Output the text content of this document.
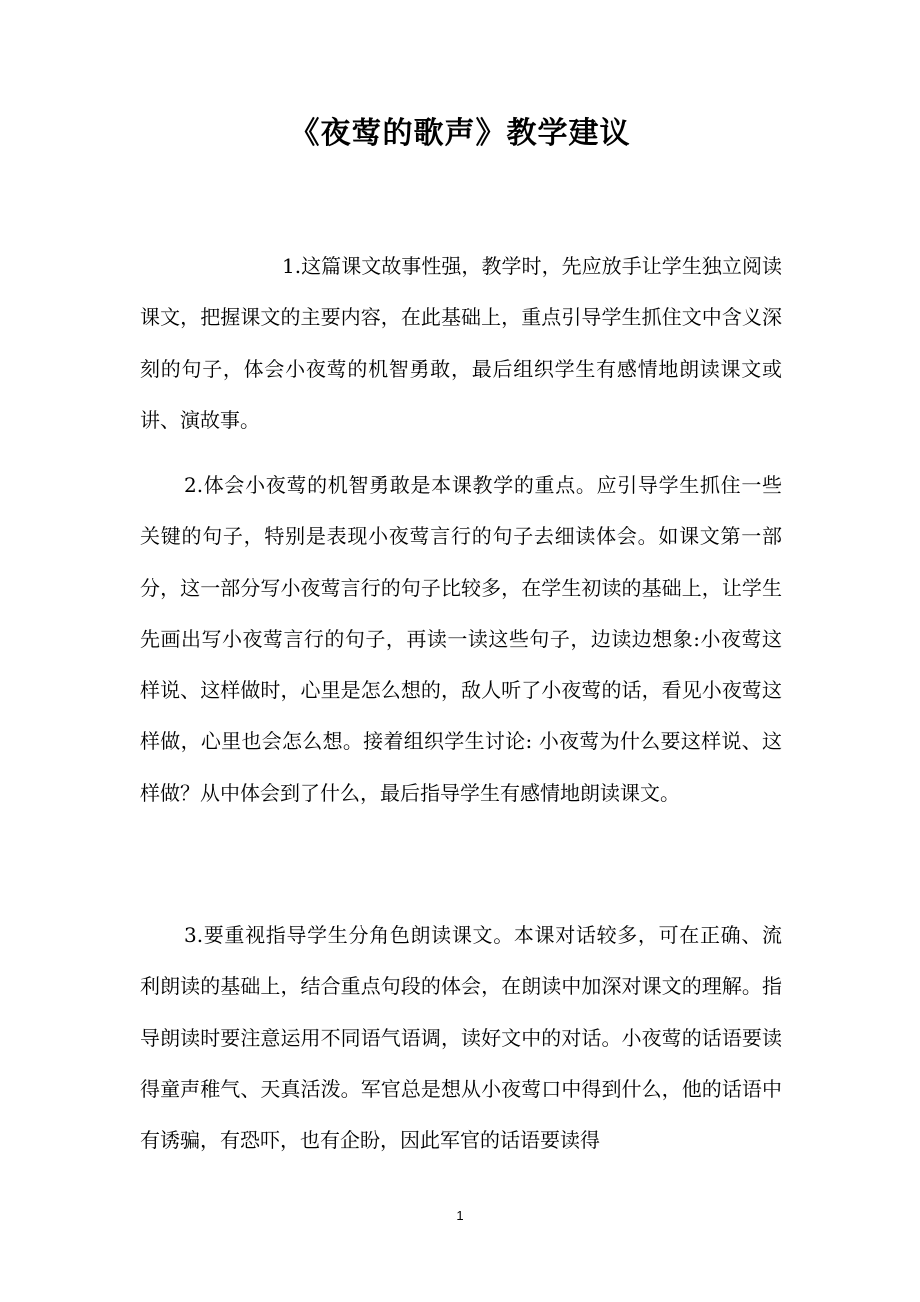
《夜莺的歌声》教学建议

1.这篇课文故事性强，教学时，先应放手让学生独立阅读课文，把握课文的主要内容，在此基础上，重点引导学生抓住文中含义深刻的句子，体会小夜莺的机智勇敢，最后组织学生有感情地朗读课文或讲、演故事。

2.体会小夜莺的机智勇敢是本课教学的重点。应引导学生抓住一些关键的句子，特别是表现小夜莺言行的句子去细读体会。如课文第一部分，这一部分写小夜莺言行的句子比较多，在学生初读的基础上，让学生先画出写小夜莺言行的句子，再读一读这些句子，边读边想象:小夜莺这样说、这样做时，心里是怎么想的，敌人听了小夜莺的话，看见小夜莺这样做，心里也会怎么想。接着组织学生讨论: 小夜莺为什么要这样说、这样做？从中体会到了什么，最后指导学生有感情地朗读课文。

3.要重视指导学生分角色朗读课文。本课对话较多，可在正确、流利朗读的基础上，结合重点句段的体会，在朗读中加深对课文的理解。指导朗读时要注意运用不同语气语调，读好文中的对话。小夜莺的话语要读得童声稚气、天真活泼。军官总是想从小夜莺口中得到什么，他的话语中有诱骗，有恐吓，也有企盼，因此军官的话语要读得

1
